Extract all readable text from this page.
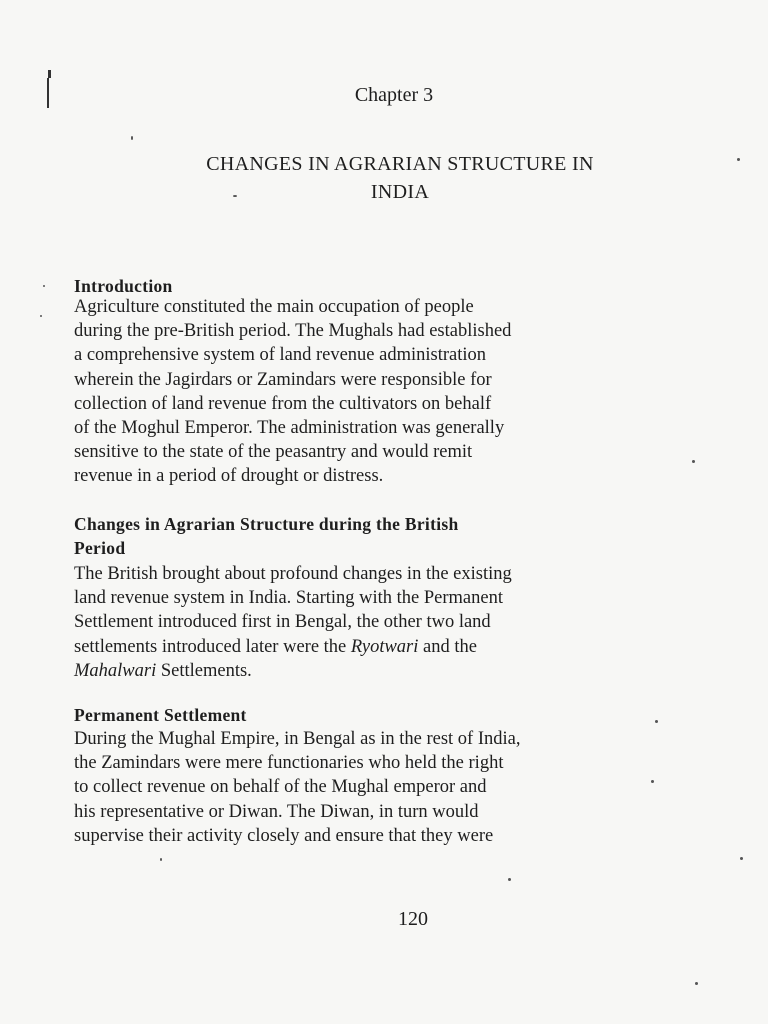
Chapter 3
CHANGES IN AGRARIAN STRUCTURE IN
INDIA
Introduction
Agriculture constituted the main occupation of people
during the pre-British period. The Mughals had established
a comprehensive system of land revenue administration
wherein the Jagirdars or Zamindars were responsible for
collection of land revenue from the cultivators on behalf
of the Moghul Emperor. The administration was generally
sensitive to the state of the peasantry and would remit
revenue in a period of drought or distress.
Changes in Agrarian Structure during the British
Period
The British brought about profound changes in the existing
land revenue system in India. Starting with the Permanent
Settlement introduced first in Bengal, the other two land
settlements introduced later were the Ryotwari and the
Mahalwari Settlements.
Permanent Settlement
During the Mughal Empire, in Bengal as in the rest of India,
the Zamindars were mere functionaries who held the right
to collect revenue on behalf of the Mughal emperor and
his representative or Diwan. The Diwan, in turn would
supervise their activity closely and ensure that they were
120
